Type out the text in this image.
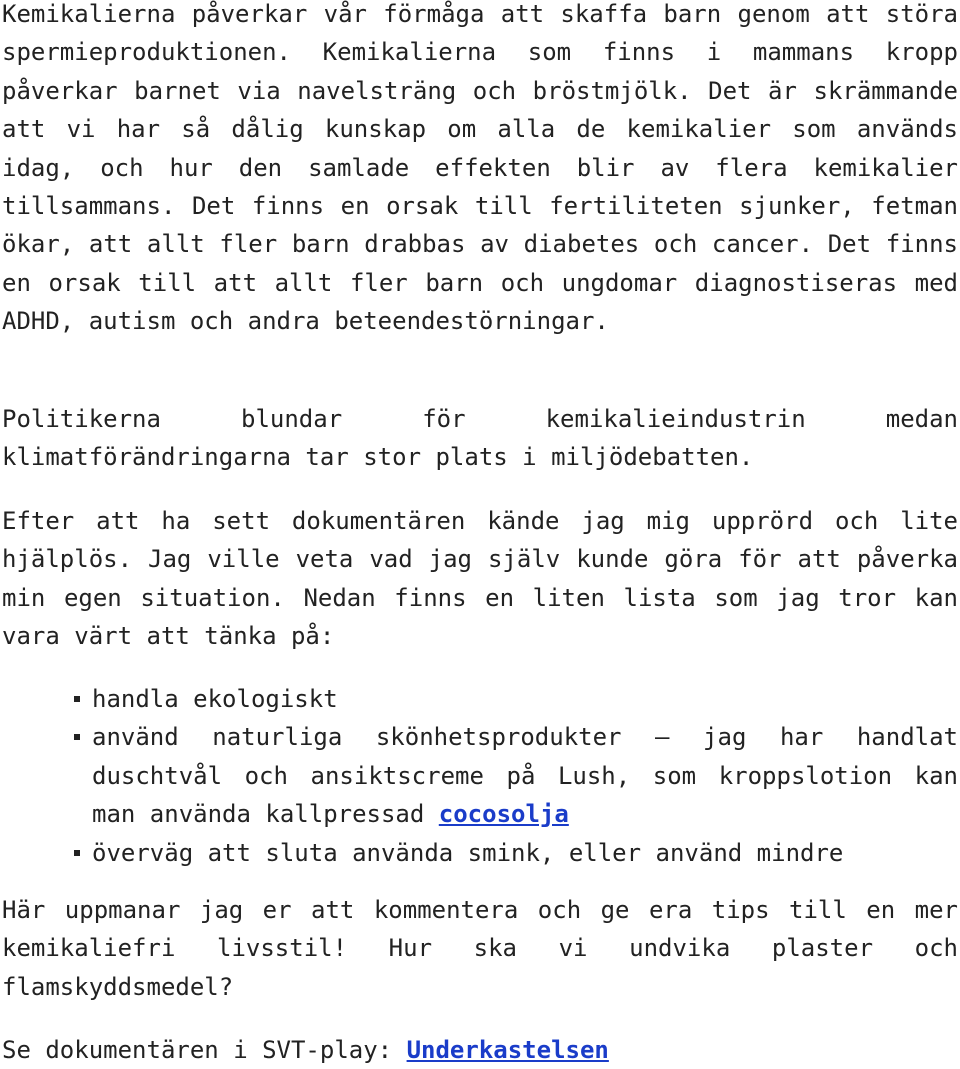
Kemikalierna påverkar vår förmåga att skaffa barn genom att störa spermieproduktionen. Kemikalierna som finns i mammans kropp påverkar barnet via navelsträng och bröstmjölk. Det är skrämmande att vi har så dålig kunskap om alla de kemikalier som används idag, och hur den samlade effekten blir av flera kemikalier tillsammans. Det finns en orsak till fertiliteten sjunker, fetman ökar, att allt fler barn drabbas av diabetes och cancer. Det finns en orsak till att allt fler barn och ungdomar diagnostiseras med ADHD, autism och andra beteendestörningar.

Politikerna blundar för kemikalieindustrin medan klimatförändringarna tar stor plats i miljödebatten.

Efter att ha sett dokumentären kände jag mig upprörd och lite hjälplös. Jag ville veta vad jag själv kunde göra för att påverka min egen situation. Nedan finns en liten lista som jag tror kan vara värt att tänka på:

handla ekologiskt
använd naturliga skönhetsprodukter – jag har handlat duschtvål och ansiktscreme på Lush, som kroppslotion kan man använda kallpressad cocosolja
överväg att sluta använda smink, eller använd mindre

Här uppmanar jag er att kommentera och ge era tips till en mer kemikaliefri livsstil! Hur ska vi undvika plaster och flamskyddsmedel?

Se dokumentären i SVT-play: Underkastelsen
